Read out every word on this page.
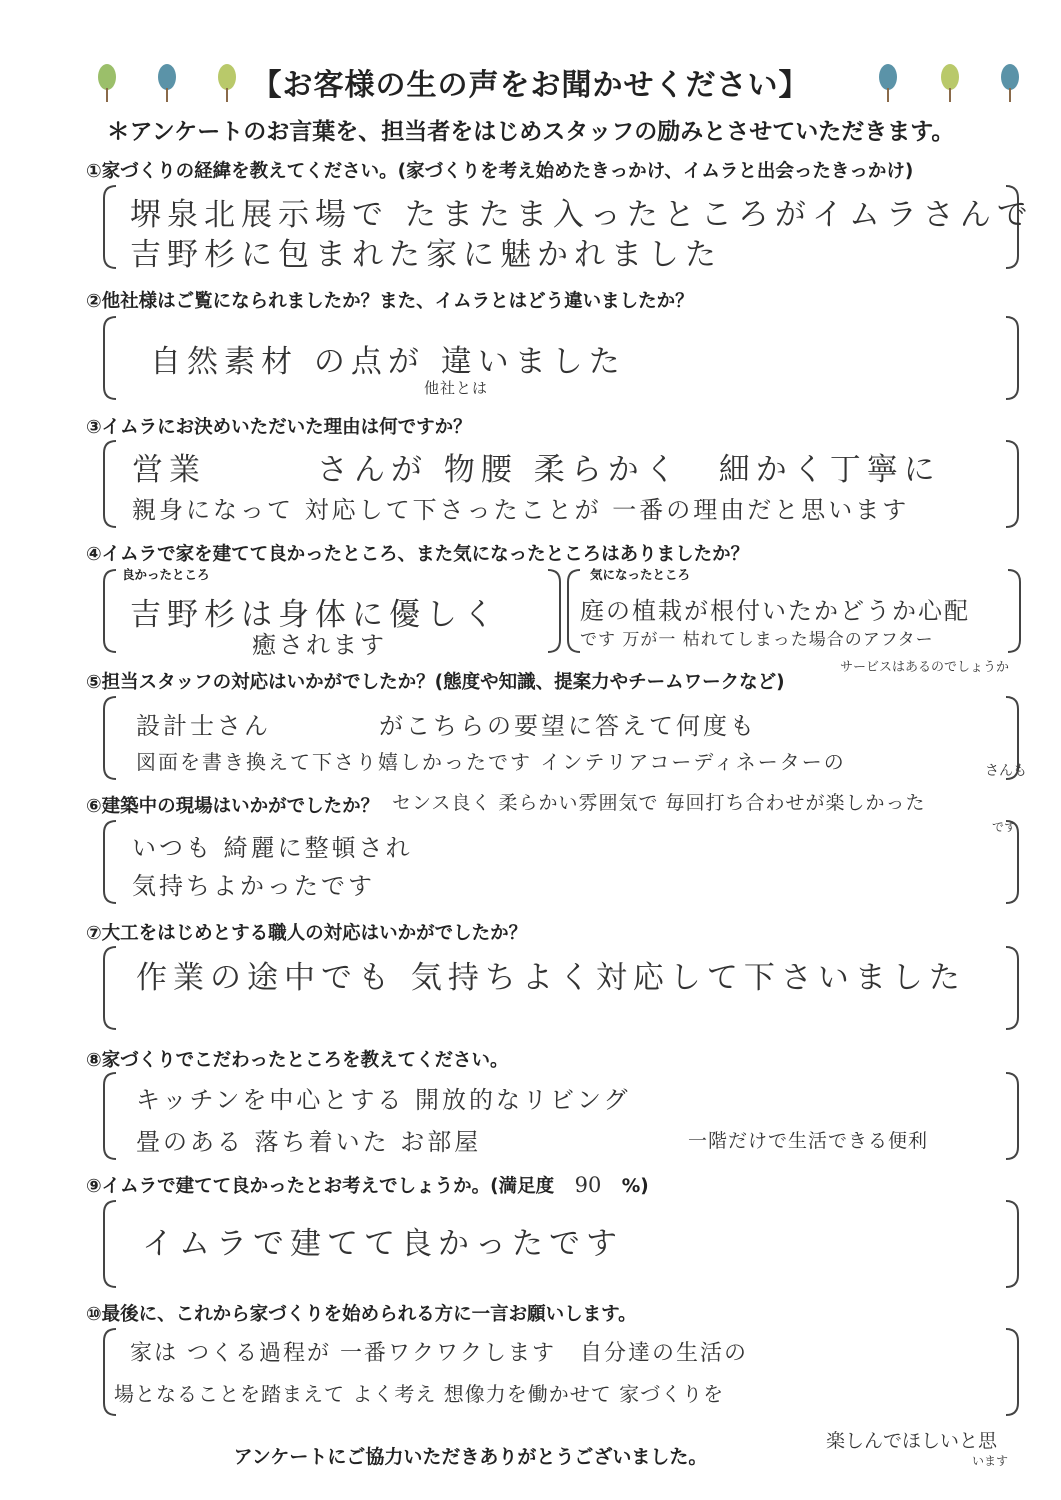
【お客様の生の声をお聞かせください】
＊アンケートのお言葉を、担当者をはじめスタッフの励みとさせていただきます。
①家づくりの経緯を教えてください。(家づくりを考え始めたきっかけ、イムラと出会ったきっかけ)
堺泉北展示場で たまたま入ったところがイムラさんで
吉野杉に包まれた家に魅かれました
②他社様はご覧になられましたか？また、イムラとはどう違いましたか？
自然素材 の点が 違いました
他社とは
③イムラにお決めいただいた理由は何ですか？
営業　　　さんが 物腰 柔らかく　細かく丁寧に
親身になって 対応して下さったことが 一番の理由だと思います
④イムラで家を建てて良かったところ、また気になったところはありましたか？
良かったところ
吉野杉は身体に優しく
癒されます
気になったところ
庭の植栽が根付いたかどうか心配
です 万が一 枯れてしまった場合のアフター
サービスはあるのでしょうか
⑤担当スタッフの対応はいかがでしたか？(態度や知識、提案力やチームワークなど)
設計士さん　　　　がこちらの要望に答えて何度も
図面を書き換えて下さり嬉しかったです インテリアコーディネーターの	さんも
⑥建築中の現場はいかがでしたか？ センス良く 柔らかい雰囲気で 毎回打ち合わせが楽しかった
です
いつも 綺麗に整頓され
気持ちよかったです
⑦大工をはじめとする職人の対応はいかがでしたか？
作業の途中でも 気持ちよく対応して下さいました
⑧家づくりでこだわったところを教えてください。
キッチンを中心とする 開放的なリビング
畳のある 落ち着いた お部屋	一階だけで生活できる便利
⑨イムラで建てて良かったとお考えでしょうか。(満足度 90 %)
イムラで建てて良かったです
⑩最後に、これから家づくりを始められる方に一言お願いします。
家は つくる過程が 一番ワクワクします　自分達の生活の
場となることを踏まえて よく考え 想像力を働かせて 家づくりを
楽しんでほしいと思
います
アンケートにご協力いただきありがとうございました。
